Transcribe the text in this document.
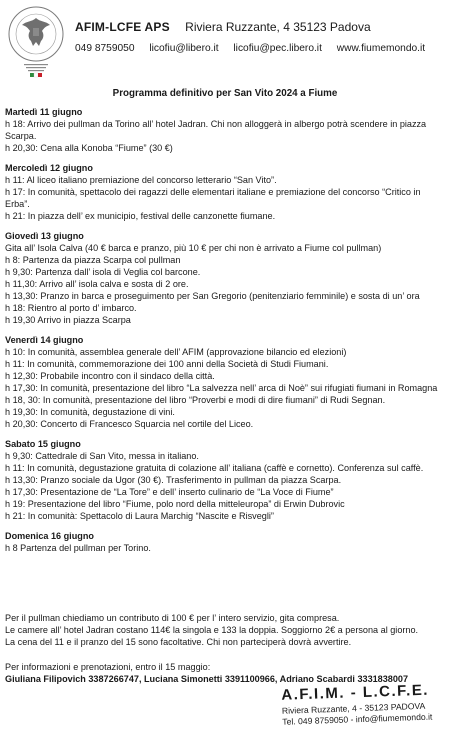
AFIM-LCFE APS Riviera Ruzzante, 4 35123 Padova
049 8759050 licofiu@libero.it licofiu@pec.libero.it www.fiumemondo.it
Programma definitivo per San Vito 2024 a Fiume
Martedì 11 giugno
h 18: Arrivo dei pullman da Torino all’ hotel Jadran. Chi non alloggerà in albergo potrà scendere in piazza Scarpa.
h 20,30: Cena alla Konoba “Fiume” (30 €)
Mercoledì 12 giugno
h 11: Al liceo italiano premiazione del concorso letterario “San Vito”.
h 17: In comunità, spettacolo dei ragazzi delle elementari italiane e premiazione del concorso “Critico in Erba”.
h 21: In piazza dell’ ex municipio, festival delle canzonette fiumane.
Giovedì 13 giugno
Gita all’ Isola Calva (40 € barca e pranzo, più 10 € per chi non è arrivato a Fiume col pullman)
h 8: Partenza da piazza Scarpa col pullman
h 9,30: Partenza dall’ isola di Veglia col barcone.
h 11,30: Arrivo all’ isola calva e sosta di 2 ore.
h 13,30: Pranzo in barca e proseguimento per San Gregorio (penitenziario femminile) e sosta di un’ ora
h 18: Rientro al porto d’ imbarco.
h 19,30 Arrivo in piazza Scarpa
Venerdì 14 giugno
h 10: In comunità, assemblea generale dell’ AFIM (approvazione bilancio ed elezioni)
h 11: In comunità, commemorazione dei 100 anni della Società di Studi Fiumani.
h 12,30: Probabile incontro con il sindaco della città.
h 17,30: In comunità, presentazione del libro “La salvezza nell’ arca di Noè” sui rifugiati fiumani in Romagna
h 18, 30: In comunità, presentazione del libro “Proverbi e modi di dire fiumani” di Rudi Segnan.
h 19,30: In comunità, degustazione di vini.
h 20,30: Concerto di Francesco Squarcia nel cortile del Liceo.
Sabato 15 giugno
h 9,30: Cattedrale di San Vito, messa in italiano.
h 11: In comunità, degustazione gratuita di colazione all’ italiana (caffè e cornetto). Conferenza sul caffè.
h 13,30: Pranzo sociale da Ugor (30 €). Trasferimento in pullman da piazza Scarpa.
h 17,30: Presentazione de “La Tore” e dell’ inserto culinario de “La Voce di Fiume”
h 19: Presentazione del libro “Fiume, polo nord della mitteleuropa” di Erwin Dubrovic
h 21: In comunità: Spettacolo di Laura Marchig “Nascite e Risvegli”
Domenica 16 giugno
h 8 Partenza del pullman per Torino.
Per il pullman chiediamo un contributo di 100 € per l’ intero servizio, gita compresa.
Le camere all’ hotel Jadran costano 114€ la singola e 133 la doppia. Soggiorno 2€ a persona al giorno.
La cena del 11 e il pranzo del 15 sono facoltative. Chi non parteciperà dovrà avvertire.
Per informazioni e prenotazioni, entro il 15 maggio:
Giuliana Filipovich 3387266747, Luciana Simonetti 3391100966, Adriano Scabardi 3331838007
A.F.I.M. - L.C.F.E.
Riviera Ruzzante, 4 - 35123 PADOVA
Tel. 049 8759050 - info@fiumemondo.it
